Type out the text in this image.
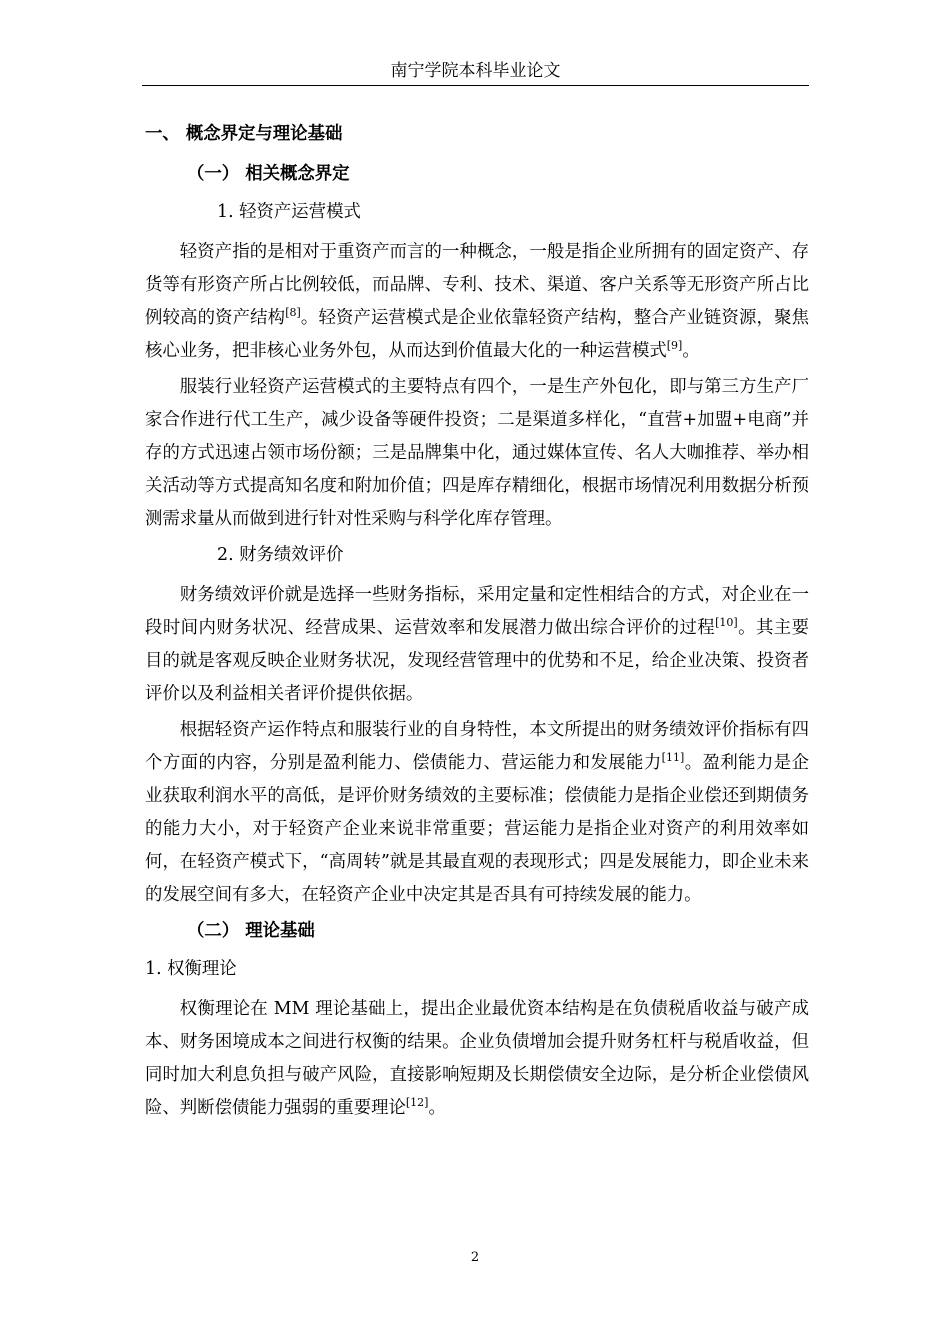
南宁学院本科毕业论文
一、 概念界定与理论基础
（一） 相关概念界定
1. 轻资产运营模式

轻资产指的是相对于重资产而言的一种概念，一般是指企业所拥有的固定资产、存货等有形资产所占比例较低，而品牌、专利、技术、渠道、客户关系等无形资产所占比例较高的资产结构[8]。轻资产运营模式是企业依靠轻资产结构，整合产业链资源，聚焦核心业务，把非核心业务外包，从而达到价值最大化的一种运营模式[9]。

服装行业轻资产运营模式的主要特点有四个，一是生产外包化，即与第三方生产厂家合作进行代工生产，减少设备等硬件投资；二是渠道多样化，“直营+加盟+电商”并存的方式迅速占领市场份额；三是品牌集中化，通过媒体宣传、名人大咖推荐、举办相关活动等方式提高知名度和附加价值；四是库存精细化，根据市场情况利用数据分析预测需求量从而做到进行针对性采购与科学化库存管理。

2. 财务绩效评价

财务绩效评价就是选择一些财务指标，采用定量和定性相结合的方式，对企业在一段时间内财务状况、经营成果、运营效率和发展潜力做出综合评价的过程[10]。其主要目的就是客观反映企业财务状况，发现经营管理中的优势和不足，给企业决策、投资者评价以及利益相关者评价提供依据。

根据轻资产运作特点和服装行业的自身特性，本文所提出的财务绩效评价指标有四个方面的内容，分别是盈利能力、偿债能力、营运能力和发展能力[11]。盈利能力是企业获取利润水平的高低，是评价财务绩效的主要标准；偿债能力是指企业偿还到期债务的能力大小，对于轻资产企业来说非常重要；营运能力是指企业对资产的利用效率如何，在轻资产模式下，“高周转”就是其最直观的表现形式；四是发展能力，即企业未来的发展空间有多大，在轻资产企业中决定其是否具有可持续发展的能力。

（二） 理论基础
1. 权衡理论

权衡理论在 MM 理论基础上，提出企业最优资本结构是在负债税盾收益与破产成本、财务困境成本之间进行权衡的结果。企业负债增加会提升财务杠杆与税盾收益，但同时加大利息负担与破产风险，直接影响短期及长期偿债安全边际，是分析企业偿债风险、判断偿债能力强弱的重要理论[12]。

2
